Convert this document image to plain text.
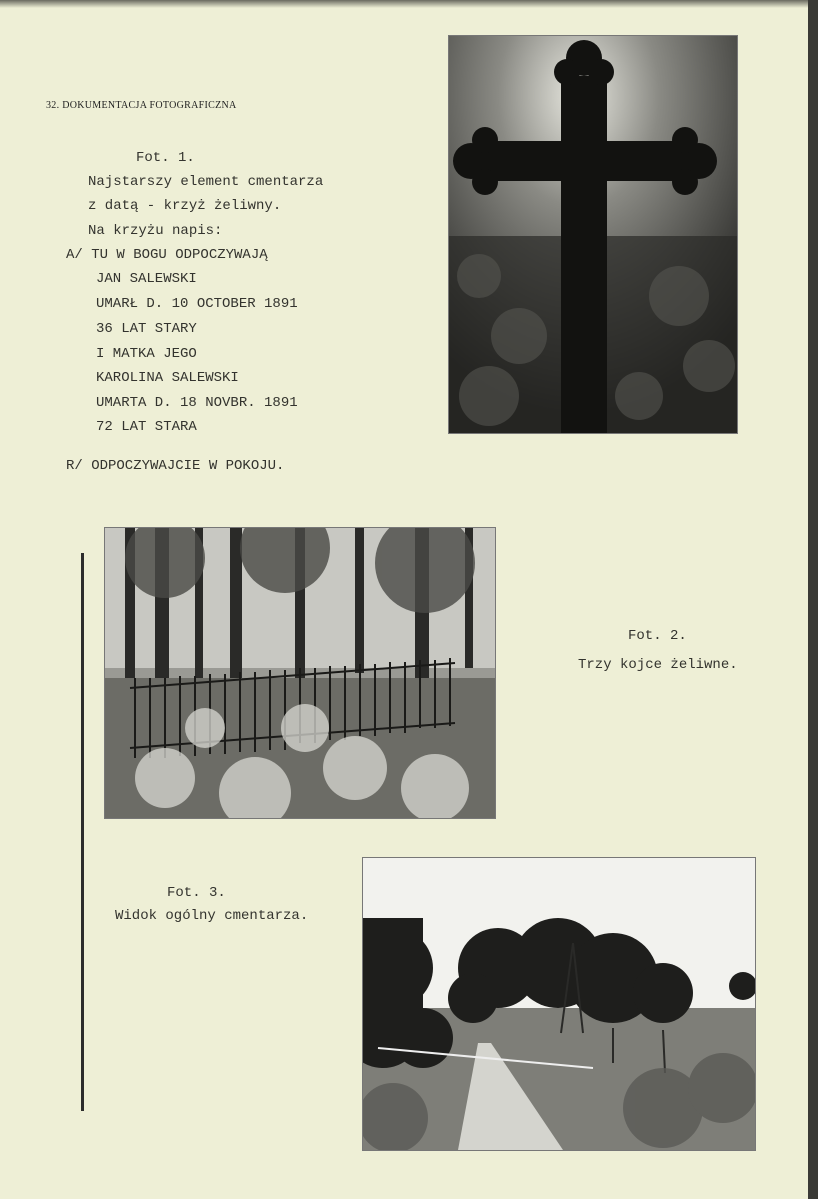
32. DOKUMENTACJA FOTOGRAFICZNA
Fot. 1.
Najstarszy element cmentarza
z datą - krzyż żeliwny.
Na krzyżu napis:
A/ TU W BOGU ODPOCZYWAJĄ
JAN SALEWSKI
UMARŁ D. 10 OCTOBER 1891
36 LAT STARY
I MATKA JEGO
KAROLINA SALEWSKI
UMARTA D. 18 NOVBR. 1891
72 LAT STARA
R/ ODPOCZYWAJCIE W POKOJU.
Fot. 2.
Trzy kojce żeliwne.
Fot. 3.
Widok ogólny cmentarza.
